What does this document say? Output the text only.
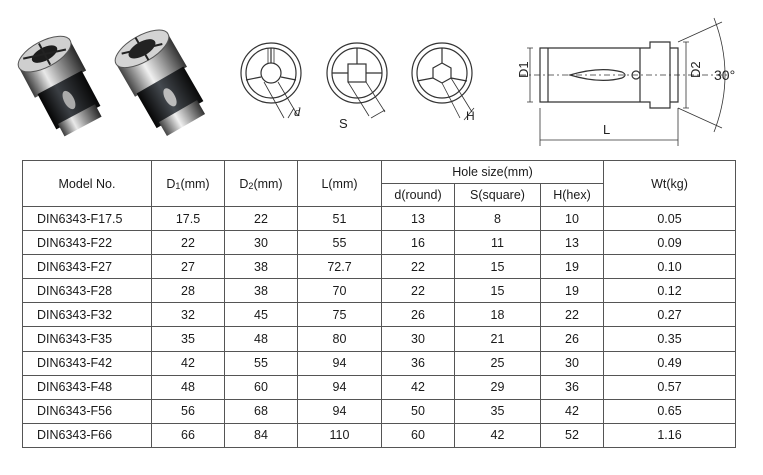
d
S	H
D1	D2
L
30°
Model No.	D1(mm)	D2(mm)	L(mm)	Hole size(mm)			Wt(kg)
				d(round)	S(square)	H(hex)	
DIN6343-F17.5	17.5	22	51	13	8	10	0.05
DIN6343-F22	22	30	55	16	11	13	0.09
DIN6343-F27	27	38	72.7	22	15	19	0.10
DIN6343-F28	28	38	70	22	15	19	0.12
DIN6343-F32	32	45	75	26	18	22	0.27
DIN6343-F35	35	48	80	30	21	26	0.35
DIN6343-F42	42	55	94	36	25	30	0.49
DIN6343-F48	48	60	94	42	29	36	0.57
DIN6343-F56	56	68	94	50	35	42	0.65
DIN6343-F66	66	84	110	60	42	52	1.16
